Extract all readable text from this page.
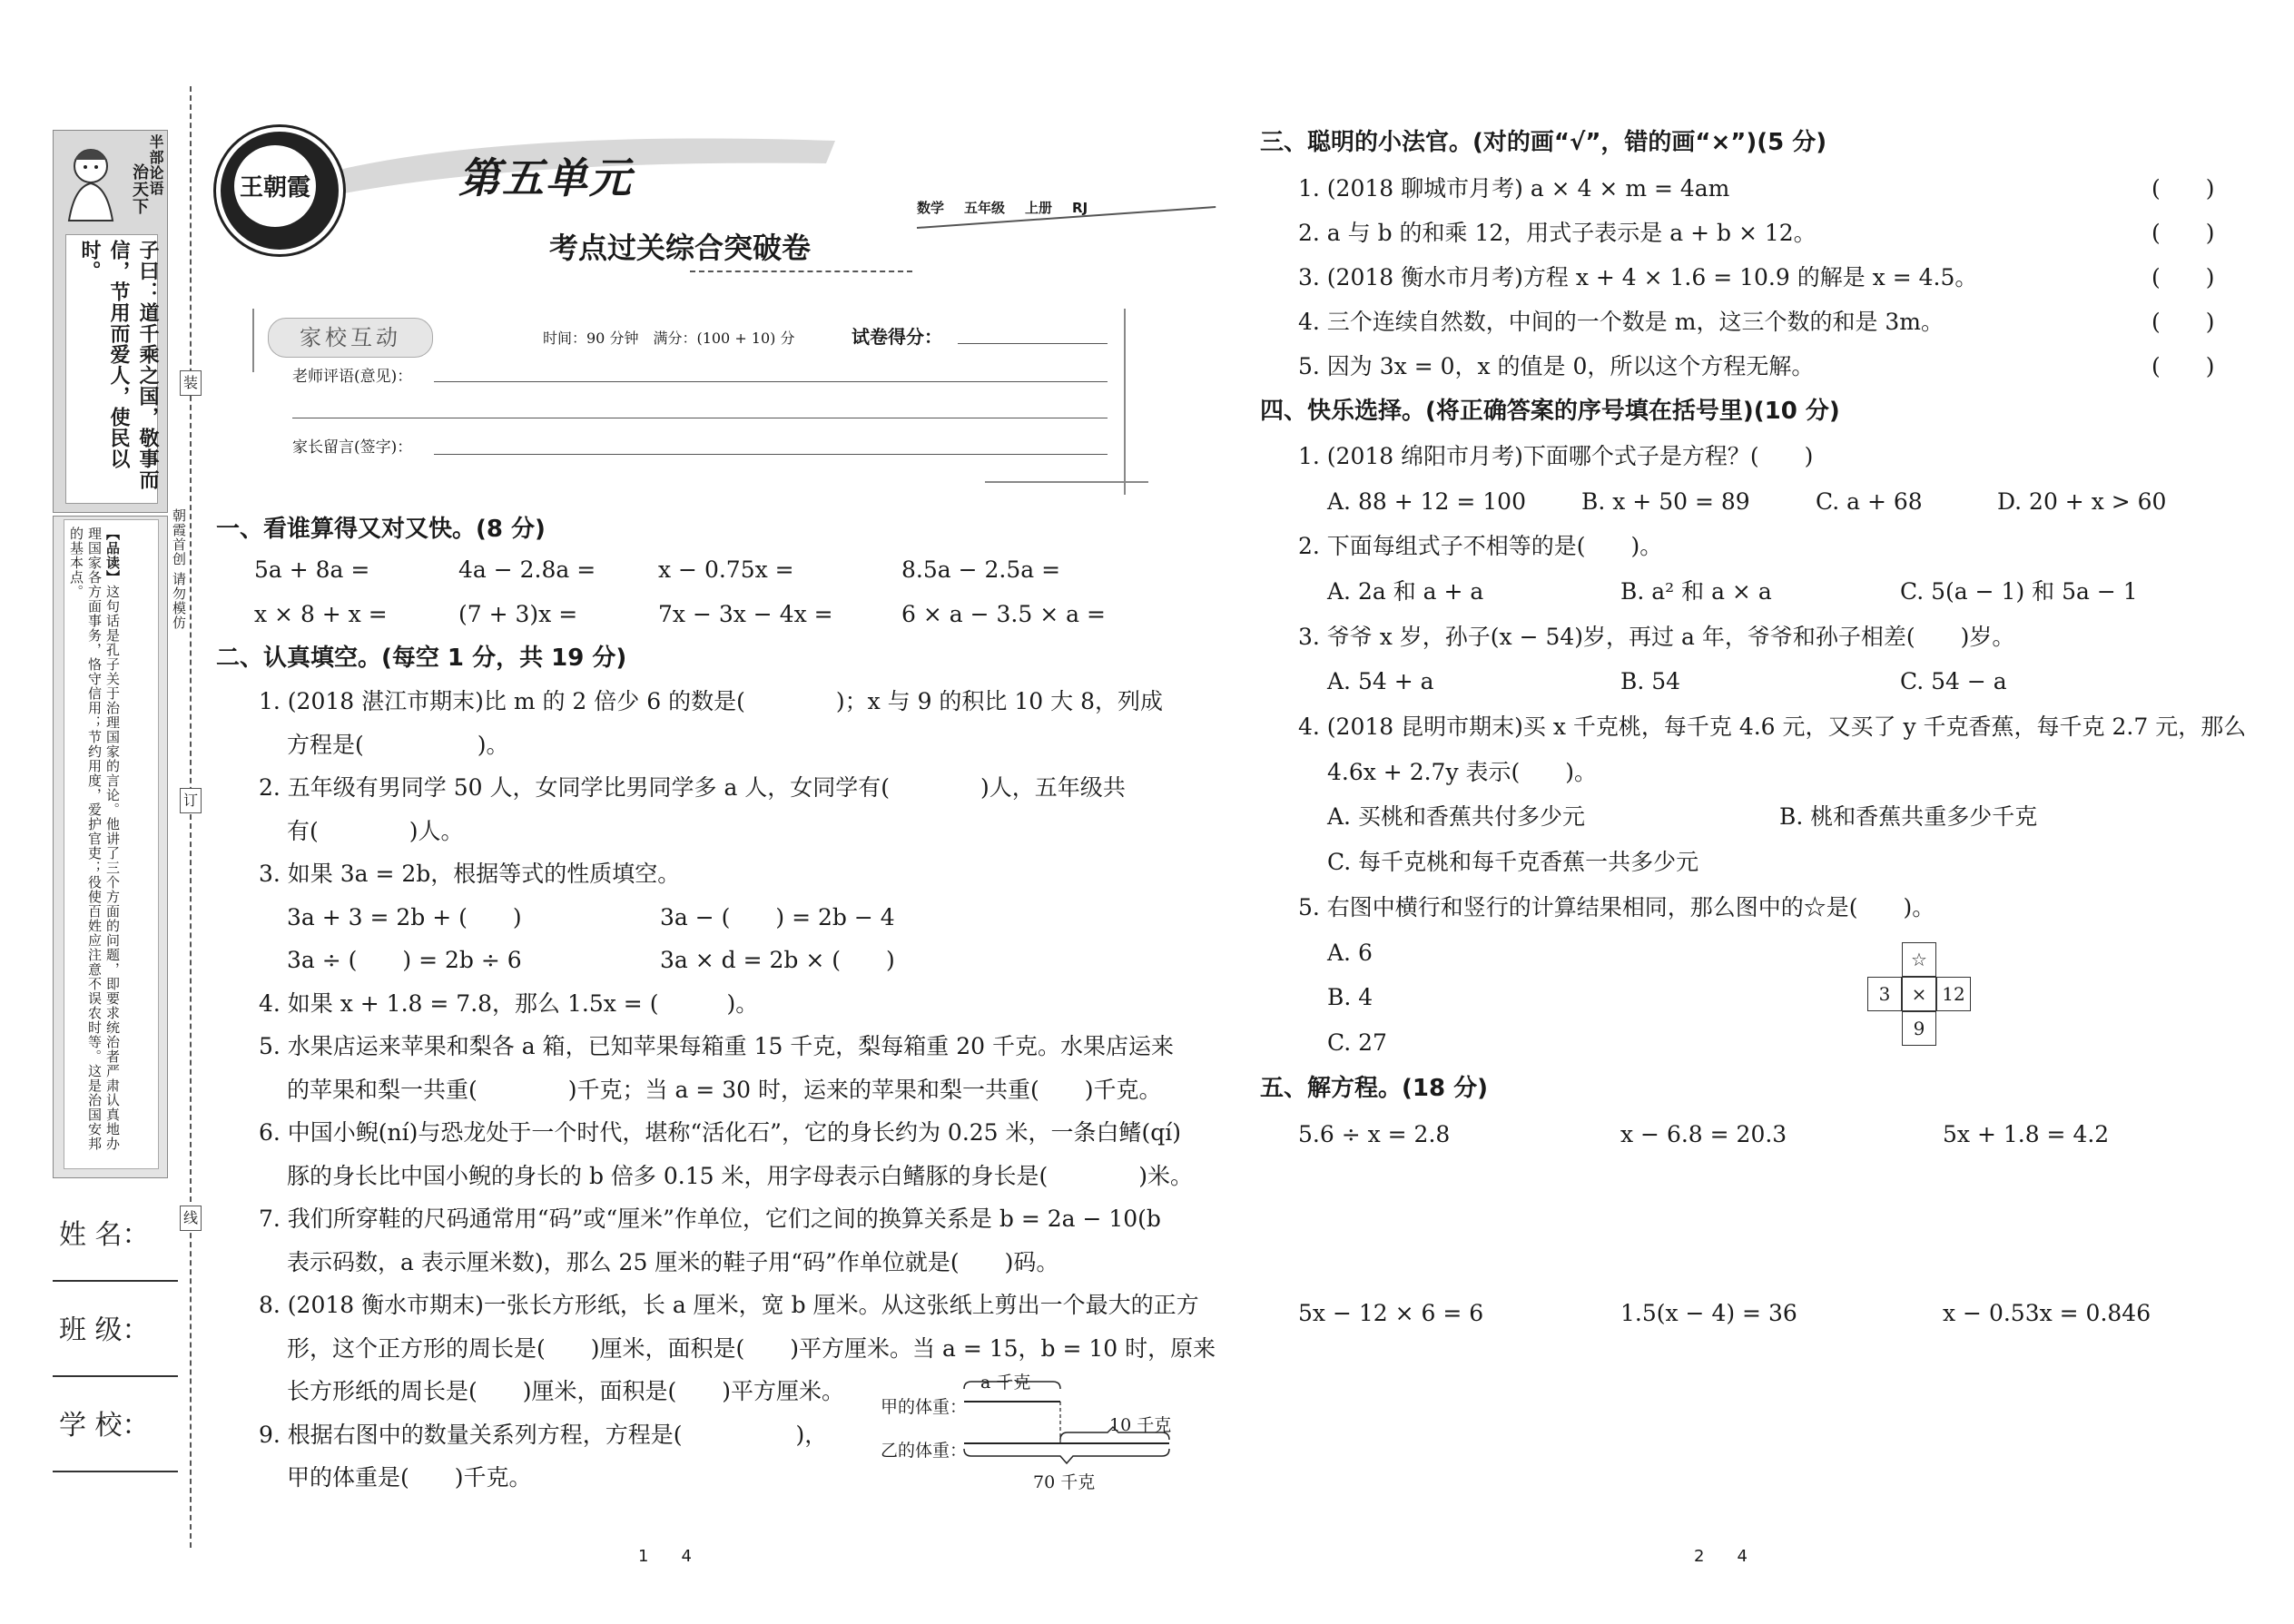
半部论语
治天下
子曰：道千乘之国，敬事而信，节用而爱人，使民以时。
【品读】这句话是孔子关于治理国家的言论。他讲了三个方面的问题，即要求统治者严肃认真地办理国家各方面事务，恪守信用；节约用度，爱护官吏；役使百姓应注意不误农时等。这是治国安邦的基本点。
姓 名：
班 级：
学 校：
装
订
线
朝霞首创 请勿模仿
王朝霞	第五单元
考点过关综合突破卷
数学 五年级 上册 RJ
家校互动	时间：90 分钟　满分：(100 + 10) 分	试卷得分：
老师评语(意见)：
家长留言(签字)：
一、看谁算得又对又快。(8 分)
5a + 8a =	4a − 2.8a =	x − 0.75x =	8.5a − 2.5a =
x × 8 + x =	(7 + 3)x =	7x − 3x − 4x =	6 × a − 3.5 × a =
二、认真填空。(每空 1 分，共 19 分)
1. (2018 湛江市期末)比 m 的 2 倍少 6 的数是(　　　　)；x 与 9 的积比 10 大 8，列成
方程是(　　　　　)。
2. 五年级有男同学 50 人，女同学比男同学多 a 人，女同学有(　　　　)人，五年级共
有(　　　　)人。
3. 如果 3a = 2b，根据等式的性质填空。
3a + 3 = 2b + (　　)	3a − (　　) = 2b − 4
3a ÷ (　　) = 2b ÷ 6	3a × d = 2b × (　　)
4. 如果 x + 1.8 = 7.8，那么 1.5x = (　　　)。
5. 水果店运来苹果和梨各 a 箱，已知苹果每箱重 15 千克，梨每箱重 20 千克。水果店运来
的苹果和梨一共重(　　　　)千克；当 a = 30 时，运来的苹果和梨一共重(　　)千克。
6. 中国小鲵(ní)与恐龙处于一个时代，堪称“活化石”，它的身长约为 0.25 米，一条白鳍(qí)
豚的身长比中国小鲵的身长的 b 倍多 0.15 米，用字母表示白鳍豚的身长是(　　　　)米。
7. 我们所穿鞋的尺码通常用“码”或“厘米”作单位，它们之间的换算关系是 b = 2a − 10(b
表示码数，a 表示厘米数)，那么 25 厘米的鞋子用“码”作单位就是(　　)码。
8. (2018 衡水市期末)一张长方形纸，长 a 厘米，宽 b 厘米。从这张纸上剪出一个最大的正方
形，这个正方形的周长是(　　)厘米，面积是(　　)平方厘米。当 a = 15，b = 10 时，原来
长方形纸的周长是(　　)厘米，面积是(　　)平方厘米。
9. 根据右图中的数量关系列方程，方程是(　　　　　)，
甲的体重是(　　)千克。
甲的体重：
乙的体重：
a 千克
10 千克
70 千克
1　　4
三、聪明的小法官。(对的画“√”，错的画“×”)(5 分)
1. (2018 聊城市月考) a × 4 × m = 4am	(　　)
2. a 与 b 的和乘 12，用式子表示是 a + b × 12。	(　　)
3. (2018 衡水市月考)方程 x + 4 × 1.6 = 10.9 的解是 x = 4.5。	(　　)
4. 三个连续自然数，中间的一个数是 m，这三个数的和是 3m。	(　　)
5. 因为 3x = 0，x 的值是 0，所以这个方程无解。	(　　)
四、快乐选择。(将正确答案的序号填在括号里)(10 分)
1. (2018 绵阳市月考)下面哪个式子是方程？(　　)
A. 88 + 12 = 100 B. x + 50 = 89	C. a + 68	D. 20 + x > 60
2. 下面每组式子不相等的是(　　)。
A. 2a 和 a + a	B. a² 和 a × a	C. 5(a − 1) 和 5a − 1
3. 爷爷 x 岁，孙子(x − 54)岁，再过 a 年，爷爷和孙子相差(　　)岁。
A. 54 + a	B. 54	C. 54 − a
4. (2018 昆明市期末)买 x 千克桃，每千克 4.6 元，又买了 y 千克香蕉，每千克 2.7 元，那么
4.6x + 2.7y 表示(　　)。
A. 买桃和香蕉共付多少元	B. 桃和香蕉共重多少千克
C. 每千克桃和每千克香蕉一共多少元
5. 右图中横行和竖行的计算结果相同，那么图中的☆是(　　)。
A. 6
B. 4
C. 27
☆
3	× 12
9
五、解方程。(18 分)
5.6 ÷ x = 2.8	x − 6.8 = 20.3	5x + 1.8 = 4.2
5x − 12 × 6 = 6	1.5(x − 4) = 36	x − 0.53x = 0.846
2　　4
